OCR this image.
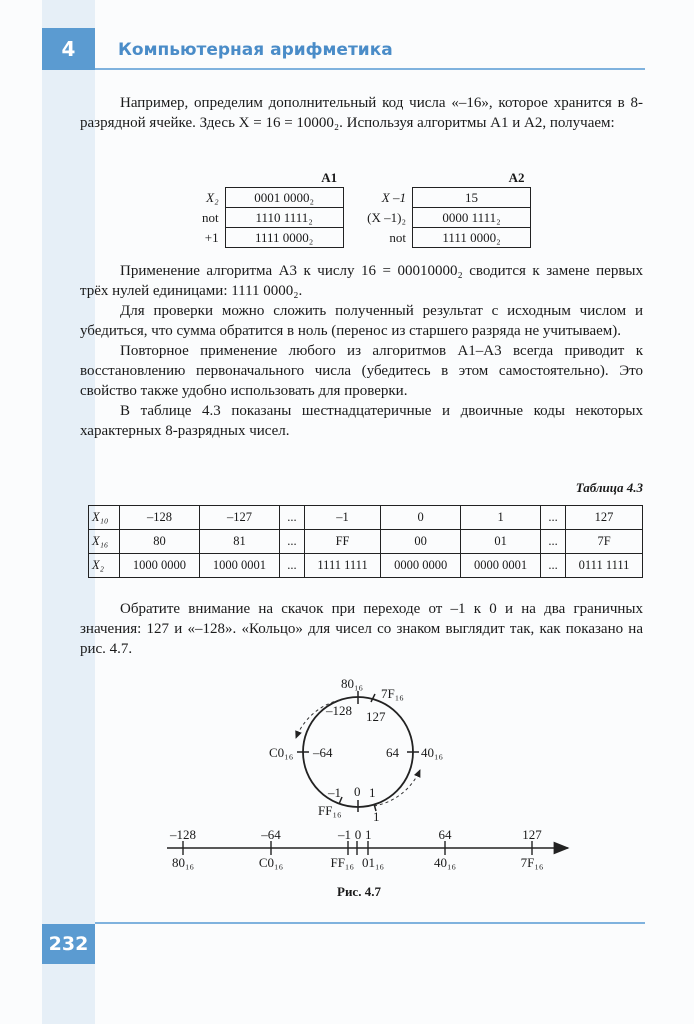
4	Компьютерная арифметика

Например, определим дополнительный код числа «–16», которое хранится в 8-разрядной ячейке. Здесь X = 16 = 10000₂. Используя алгоритмы А1 и А2, получаем:

	А1
X₂	0001 0000₂
not	1110 1111₂
+1	1111 0000₂
	А2
X –1	15
(X –1)₂	0000 1111₂
not	1111 0000₂

Применение алгоритма А3 к числу 16 = 00010000₂ сводится к замене первых трёх нулей единицами: 1111 0000₂.

Для проверки можно сложить полученный результат с исходным числом и убедиться, что сумма обратится в ноль (перенос из старшего разряда не учитываем).

Повторное применение любого из алгоритмов А1–А3 всегда приводит к восстановлению первоначального числа (убедитесь в этом самостоятельно). Это свойство также удобно использовать для проверки.

В таблице 4.3 показаны шестнадцатеричные и двоичные коды некоторых характерных 8-разрядных чисел.

Таблица 4.3
X₁₀	–128	–127	...	–1	0	1	...	127
X₁₆	80	81	...	FF	00	01	...	7F
X₂	1000 0000	1000 0001	...	1111 1111	0000 0000	0000 0001	...	0111 1111

Обратите внимание на скачок при переходе от –1 к 0 и на два граничных значения: 127 и «–128». «Кольцо» для чисел со знаком выглядит так, как показано на рис. 4.7.

80₁₆
7F₁₆
–128 127
C0₁₆ –64	64 40₁₆
–1 0 1
FF₁₆ 1
–128	–64	–1 0 1	64	127
80₁₆	C0₁₆	FF₁₆ 01₁₆	40₁₆	7F₁₆
Рис. 4.7
232
